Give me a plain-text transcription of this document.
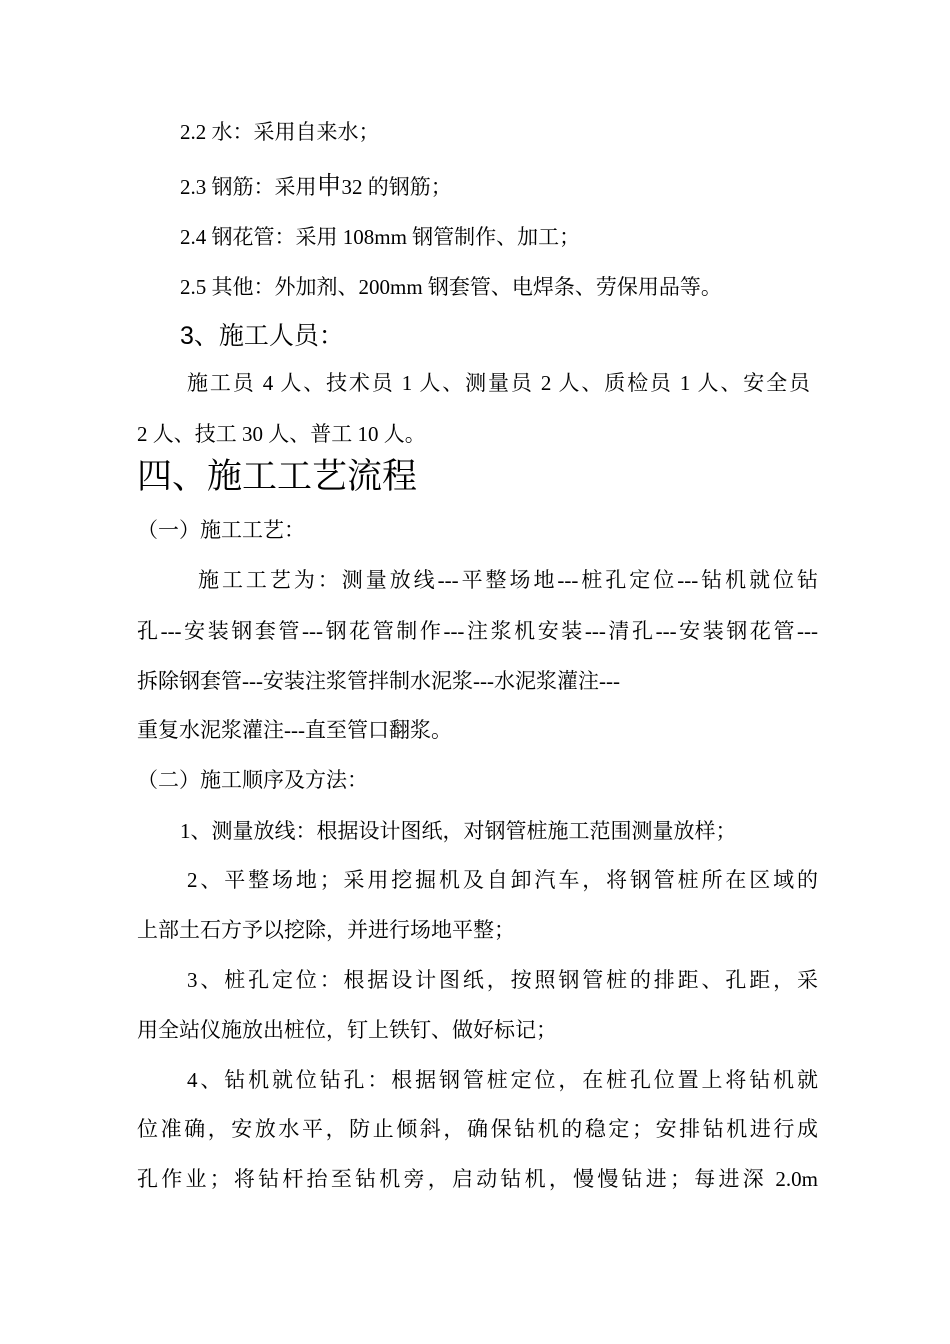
2.2 水：采用自来水；
2.3 钢筋：采用申32 的钢筋；
2.4 钢花管：采用 108mm 钢管制作、加工；
2.5 其他：外加剂、200mm 钢套管、电焊条、劳保用品等。
3、施工人员：
施工员 4 人、技术员 1 人、测量员 2 人、质检员 1 人、安全员
2 人、技工 30 人、普工 10 人。
四、施工工艺流程
（一）施工工艺：
施工工艺为：测量放线---平整场地---桩孔定位---钻机就位钻
孔---安装钢套管---钢花管制作---注浆机安装---清孔---安装钢花管---
拆除钢套管---安装注浆管拌制水泥浆---水泥浆灌注---
重复水泥浆灌注---直至管口翻浆。
（二）施工顺序及方法：
1、测量放线：根据设计图纸，对钢管桩施工范围测量放样；
2、平整场地；采用挖掘机及自卸汽车，将钢管桩所在区域的
上部土石方予以挖除，并进行场地平整；
3、桩孔定位：根据设计图纸，按照钢管桩的排距、孔距，采
用全站仪施放出桩位，钉上铁钉、做好标记；
4、钻机就位钻孔：根据钢管桩定位，在桩孔位置上将钻机就
位准确，安放水平，防止倾斜，确保钻机的稳定；安排钻机进行成
孔作业；将钻杆抬至钻机旁，启动钻机，慢慢钻进；每进深 2.0m
